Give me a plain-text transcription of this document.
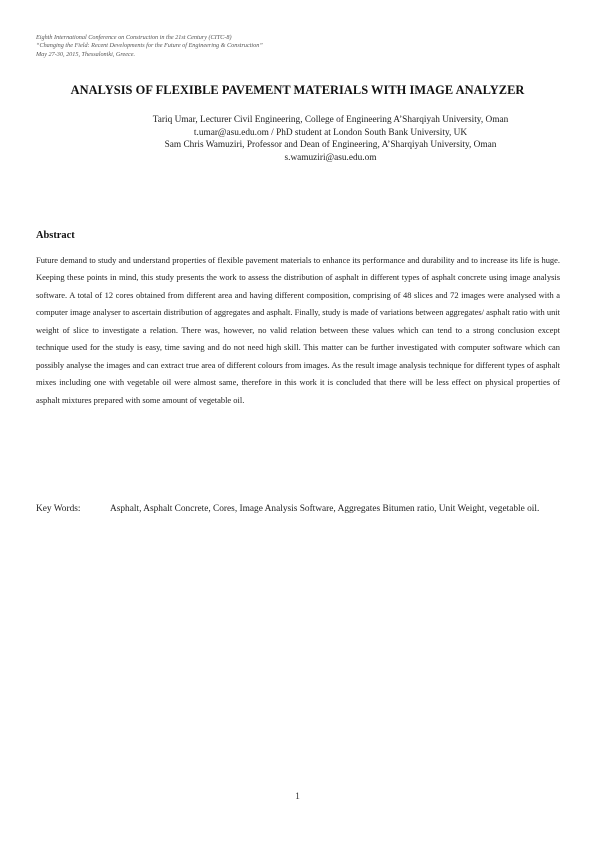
Eighth International Conference on Construction in the 21st Century (CITC-8)
“Changing the Field: Recent Developments for the Future of Engineering & Construction”
May 27-30, 2015, Thessaloniki, Greece.
ANALYSIS OF FLEXIBLE PAVEMENT MATERIALS WITH IMAGE ANALYZER
Tariq Umar, Lecturer Civil Engineering, College of Engineering A’Sharqiyah University, Oman
t.umar@asu.edu.om / PhD student at London South Bank University, UK
Sam Chris Wamuziri, Professor and Dean of Engineering, A’Sharqiyah University, Oman
s.wamuziri@asu.edu.om
Abstract
Future demand to study and understand properties of flexible pavement materials to enhance its performance and durability and to increase its life is huge. Keeping these points in mind, this study presents the work to assess the distribution of asphalt in different types of asphalt concrete using image analysis software. A total of 12 cores obtained from different area and having different composition, comprising of 48 slices and 72 images were analysed with a computer image analyser to ascertain distribution of aggregates and asphalt. Finally, study is made of variations between aggregates/ asphalt ratio with unit weight of slice to investigate a relation. There was, however, no valid relation between these values which can tend to a strong conclusion except technique used for the study is easy, time saving and do not need high skill. This matter can be further investigated with computer software which can possibly analyse the images and can extract true area of different colours from images. As the result image analysis technique for different types of asphalt mixes including one with vegetable oil were almost same, therefore in this work it is concluded that there will be less effect on physical properties of asphalt mixtures prepared with some amount of vegetable oil.
Key Words:	Asphalt, Asphalt Concrete, Cores, Image Analysis Software, Aggregates Bitumen ratio, Unit Weight, vegetable oil.
1
